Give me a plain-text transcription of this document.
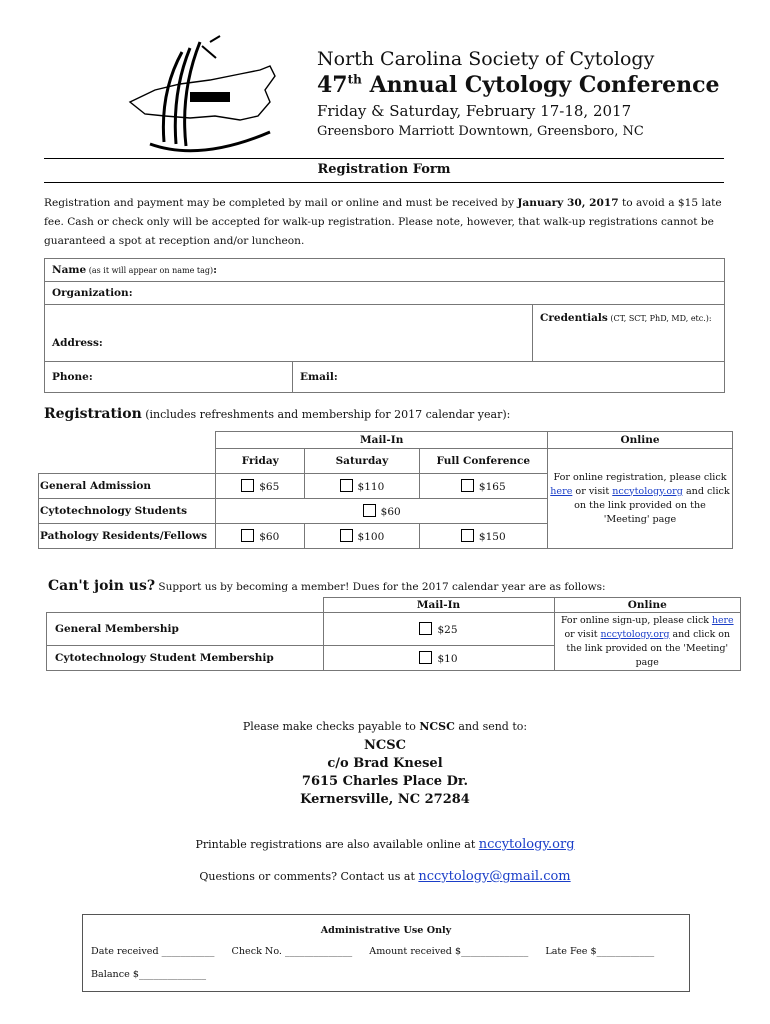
North Carolina Society of Cytology
47th Annual Cytology Conference
Friday & Saturday, February 17-18, 2017
Greensboro Marriott Downtown, Greensboro, NC
Registration Form
Registration and payment may be completed by mail or online and must be received by January 30, 2017 to avoid a $15 late fee. Cash or check only will be accepted for walk-up registration. Please note, however, that walk-up registrations cannot be guaranteed a spot at reception and/or luncheon.
Name (as it will appear on name tag):		
Organization:		
Address:		Credentials (CT, SCT, PhD, MD, etc.):
Phone:	Email:	
Registration (includes refreshments and membership for 2017 calendar year):
	Mail-In			Online
	Friday	Saturday	Full Conference	For online registration, please click here or visit nccytology.org and click on the link provided on the 'Meeting' page
General Admission	$65	$110	$165	
Cytotechnology Students	$60			
Pathology Residents/Fellows	$60	$100	$150	
Can't join us? Support us by becoming a member! Dues for the 2017 calendar year are as follows:
	Mail-In	Online
General Membership	$25	For online sign-up, please click here or visit nccytology.org and click on the link provided on the 'Meeting' page
Cytotechnology Student Membership	$10	
Please make checks payable to NCSC and send to:
NCSC
c/o Brad Knesel
7615 Charles Place Dr.
Kernersville, NC 27284
Printable registrations are also available online at nccytology.org
Questions or comments? Contact us at nccytology@gmail.com
Administrative Use Only
Date received ___________ Check No. ______________ Amount received $______________ Late Fee $____________
Balance $______________
